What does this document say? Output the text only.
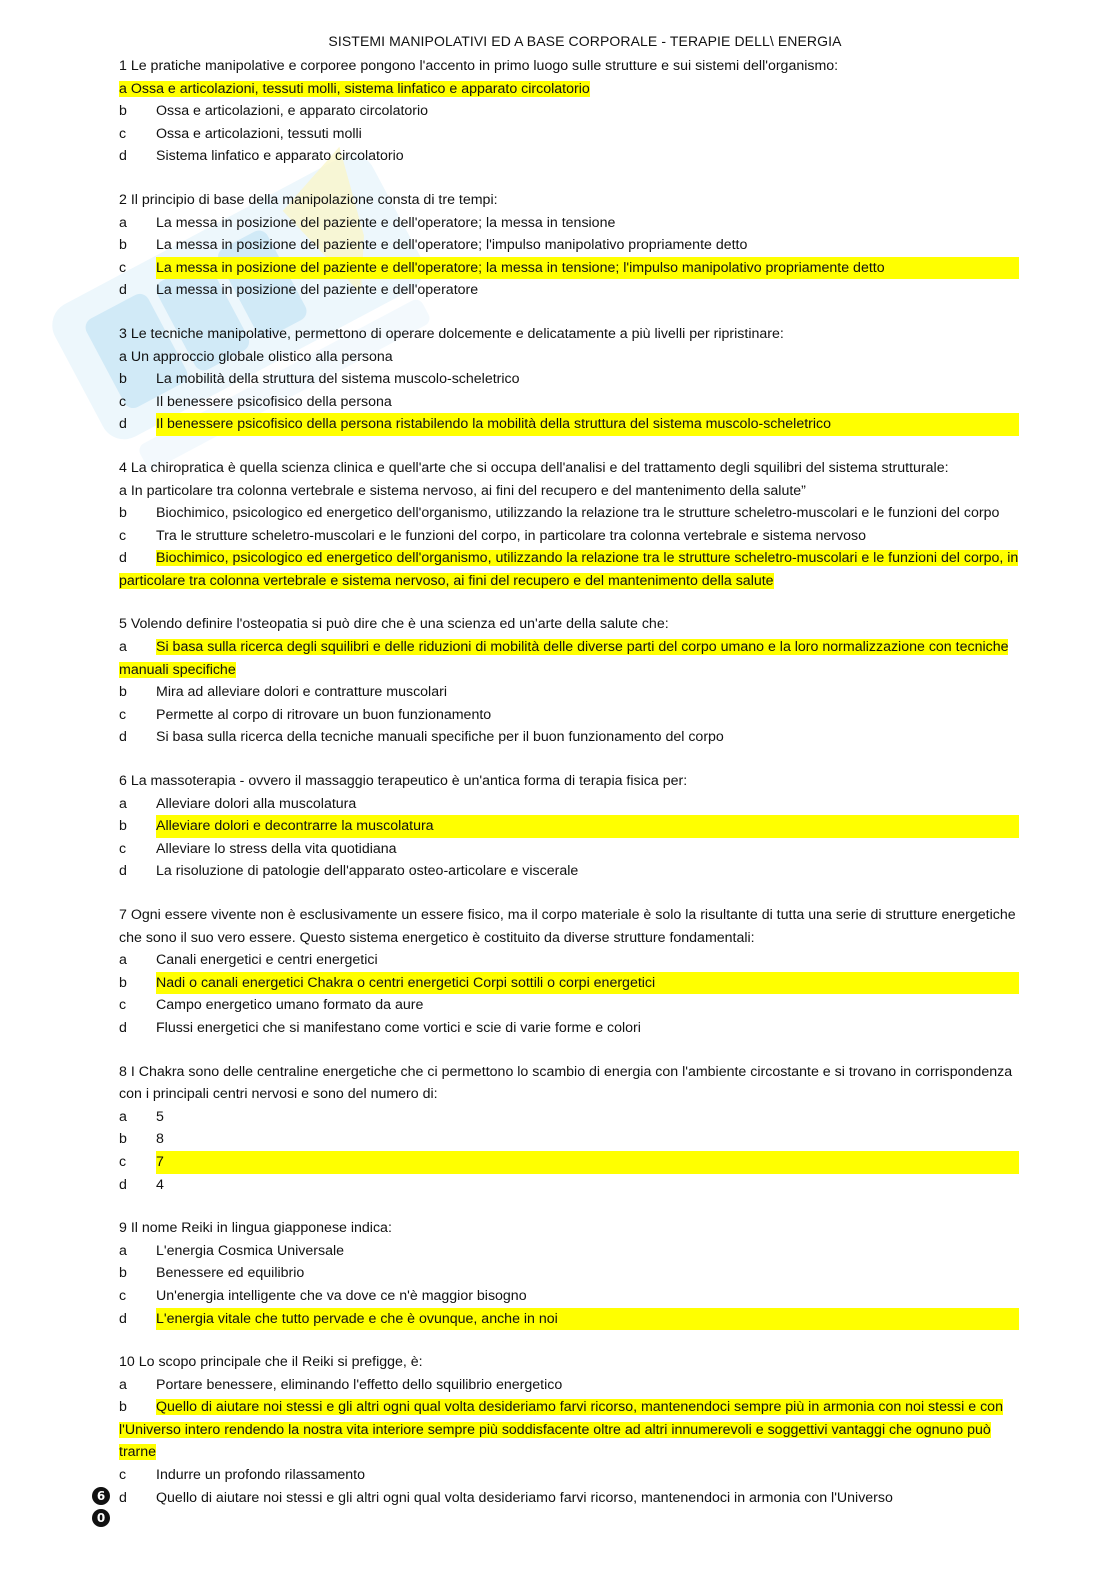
SISTEMI MANIPOLATIVI ED A BASE CORPORALE - TERAPIE DELL\ ENERGIA
1 Le pratiche manipolative e corporee pongono l'accento in primo luogo sulle strutture e sui sistemi dell'organismo:
a Ossa e articolazioni, tessuti molli, sistema linfatico e apparato circolatorio
b	Ossa e articolazioni, e apparato circolatorio
c	Ossa e articolazioni, tessuti molli
d	Sistema linfatico e apparato circolatorio
2 Il principio di base della manipolazione consta di tre tempi:
a	La messa in posizione del paziente e dell'operatore; la messa in tensione
b	La messa in posizione del paziente e dell'operatore; l'impulso manipolativo propriamente detto
c	La messa in posizione del paziente e dell'operatore; la messa in tensione; l'impulso manipolativo propriamente detto
d	La messa in posizione del paziente e dell'operatore
3 Le tecniche manipolative, permettono di operare dolcemente e delicatamente a più livelli per ripristinare:
a Un approccio globale olistico alla persona
b	La mobilità della struttura del sistema muscolo-scheletrico
c	Il benessere psicofisico della persona
d	Il benessere psicofisico della persona ristabilendo la mobilità della struttura del sistema muscolo-scheletrico
4 La chiropratica è quella scienza clinica e quell'arte che si occupa dell'analisi e del trattamento degli squilibri del sistema strutturale:
a In particolare tra colonna vertebrale e sistema nervoso, ai fini del recupero e del mantenimento della salute”
b Biochimico, psicologico ed energetico dell'organismo, utilizzando la relazione tra le strutture scheletro-muscolari e le funzioni del corpo
c	Tra le strutture scheletro-muscolari e le funzioni del corpo, in particolare tra colonna vertebrale e sistema nervoso
d Biochimico, psicologico ed energetico dell'organismo, utilizzando la relazione tra le strutture scheletro-muscolari e le funzioni del corpo, in particolare tra colonna vertebrale e sistema nervoso, ai fini del recupero e del mantenimento della salute
5 Volendo definire l'osteopatia si può dire che è una scienza ed un'arte della salute che:
a Si basa sulla ricerca degli squilibri e delle riduzioni di mobilità delle diverse parti del corpo umano e la loro normalizzazione con tecniche manuali specifiche
b	Mira ad alleviare dolori e contratture muscolari
c	Permette al corpo di ritrovare un buon funzionamento
d	Si basa sulla ricerca della tecniche manuali specifiche per il buon funzionamento del corpo
6 La massoterapia - ovvero il massaggio terapeutico è un'antica forma di terapia fisica per:
a	Alleviare dolori alla muscolatura
b	Alleviare dolori e decontrarre la muscolatura
c	Alleviare lo stress della vita quotidiana
d	La risoluzione di patologie dell'apparato osteo-articolare e viscerale
7 Ogni essere vivente non è esclusivamente un essere fisico, ma il corpo materiale è solo la risultante di tutta una serie di strutture energetiche che sono il suo vero essere. Questo sistema energetico è costituito da diverse strutture fondamentali:
a	Canali energetici e centri energetici
b	Nadi o canali energetici Chakra o centri energetici Corpi sottili o corpi energetici
c	Campo energetico umano formato da aure
d	Flussi energetici che si manifestano come vortici e scie di varie forme e colori
8 I Chakra sono delle centraline energetiche che ci permettono lo scambio di energia con l'ambiente circostante e si trovano in corrispondenza con i principali centri nervosi e sono del numero di:
a	5
b	8
c	7
d	4
9 Il nome Reiki in lingua giapponese indica:
a	L'energia Cosmica Universale
b	Benessere ed equilibrio
c	Un'energia intelligente che va dove ce n'è maggior bisogno
d	L'energia vitale che tutto pervade e che è ovunque, anche in noi
10 Lo scopo principale che il Reiki si prefigge, è:
a	Portare benessere, eliminando l'effetto dello squilibrio energetico
b Quello di aiutare noi stessi e gli altri ogni qual volta desideriamo farvi ricorso, mantenendoci sempre più in armonia con noi stessi e con l'Universo intero rendendo la nostra vita interiore sempre più soddisfacente oltre ad altri innumerevoli e soggettivi vantaggi che ognuno può trarne
c	Indurre un profondo rilassamento
d	Quello di aiutare noi stessi e gli altri ogni qual volta desideriamo farvi ricorso, mantenendoci in armonia con l'Universo
6
0
